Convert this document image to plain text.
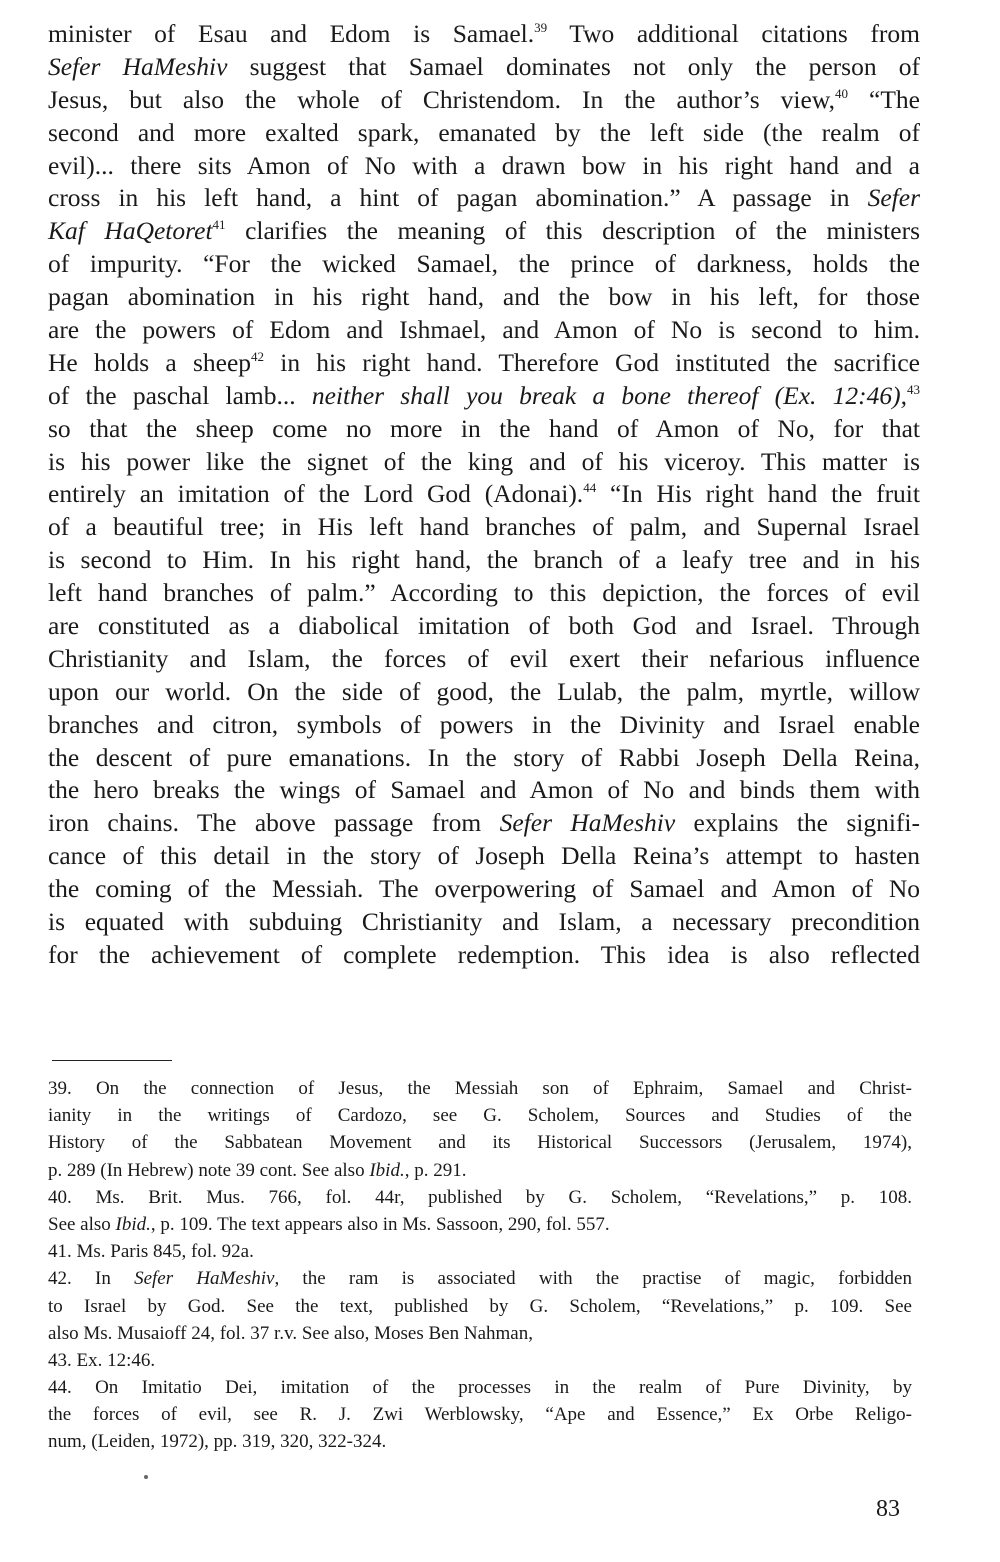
minister of Esau and Edom is Samael.$^{39}$ Two additional citations from
Sefer HaMeshiv suggest that Samael dominates not only the person of
Jesus, but also the whole of Christendom. In the author’s view,$^{40}$ “The
second and more exalted spark, emanated by the left side (the realm of
evil)... there sits Amon of No with a drawn bow in his right hand and a
cross in his left hand, a hint of pagan abomination.” A passage in Sefer
Kaf HaQetoret$^{41}$ clarifies the meaning of this description of the ministers
of impurity. “For the wicked Samael, the prince of darkness, holds the
pagan abomination in his right hand, and the bow in his left, for those
are the powers of Edom and Ishmael, and Amon of No is second to him.
He holds a sheep$^{42}$ in his right hand. Therefore God instituted the sacrifice
of the paschal lamb... neither shall you break a bone thereof (Ex. 12:46),$^{43}$
so that the sheep come no more in the hand of Amon of No, for that
is his power like the signet of the king and of his viceroy. This matter is
entirely an imitation of the Lord God (Adonai).$^{44}$ “In His right hand the fruit
of a beautiful tree; in His left hand branches of palm, and Supernal Israel
is second to Him. In his right hand, the branch of a leafy tree and in his
left hand branches of palm.” According to this depiction, the forces of evil
are constituted as a diabolical imitation of both God and Israel. Through
Christianity and Islam, the forces of evil exert their nefarious influence
upon our world. On the side of good, the Lulab, the palm, myrtle, willow
branches and citron, symbols of powers in the Divinity and Israel enable
the descent of pure emanations. In the story of Rabbi Joseph Della Reina,
the hero breaks the wings of Samael and Amon of No and binds them with
iron chains. The above passage from Sefer HaMeshiv explains the signifi-
cance of this detail in the story of Joseph Della Reina’s attempt to hasten
the coming of the Messiah. The overpowering of Samael and Amon of No
is equated with subduing Christianity and Islam, a necessary precondition
for the achievement of complete redemption. This idea is also reflected
39. On the connection of Jesus, the Messiah son of Ephraim, Samael and Christ-
ianity in the writings of Cardozo, see G. Scholem, Sources and Studies of the
History of the Sabbatean Movement and its Historical Successors (Jerusalem, 1974),
p. 289 (In Hebrew) note 39 cont. See also Ibid., p. 291.
40. Ms. Brit. Mus. 766, fol. 44r, published by G. Scholem, “Revelations,” p. 108.
See also Ibid., p. 109. The text appears also in Ms. Sassoon, 290, fol. 557.
41. Ms. Paris 845, fol. 92a.
42. In Sefer HaMeshiv, the ram is associated with the practise of magic, forbidden
to Israel by God. See the text, published by G. Scholem, “Revelations,” p. 109. See
also Ms. Musaioff 24, fol. 37 r.v. See also, Moses Ben Nahman,
43. Ex. 12:46.
44. On Imitatio Dei, imitation of the processes in the realm of Pure Divinity, by
the forces of evil, see R. J. Zwi Werblowsky, “Ape and Essence,” Ex Orbe Religo-
num, (Leiden, 1972), pp. 319, 320, 322-324.
83
